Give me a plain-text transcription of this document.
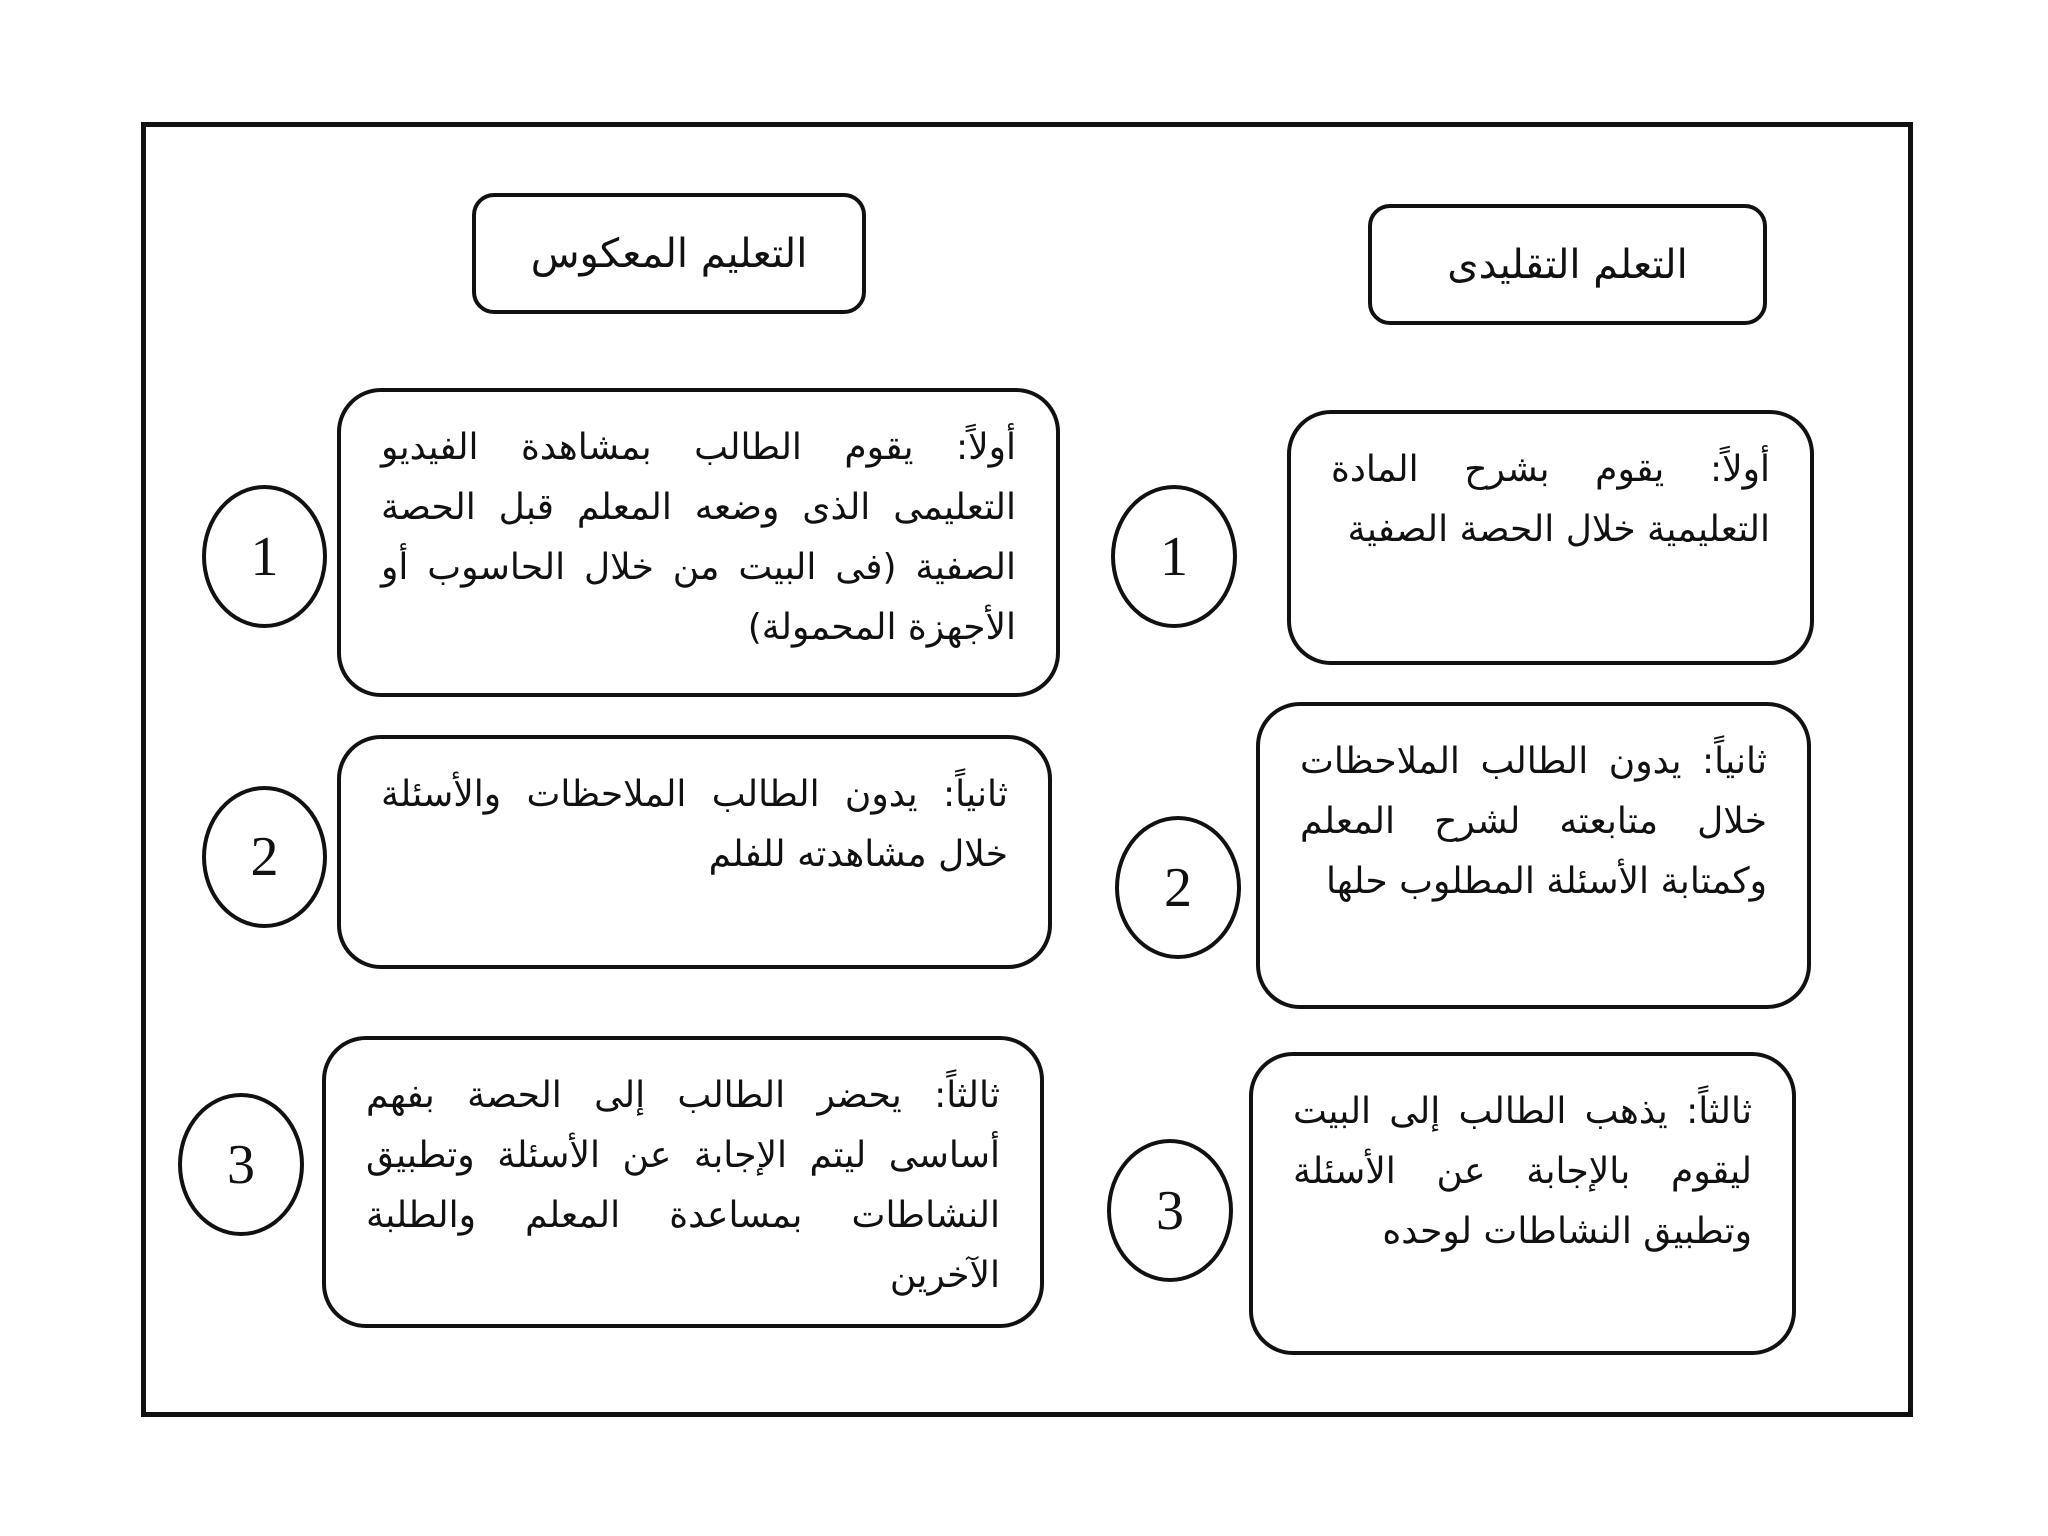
التعليم المعكوس	التعلم التقليدى
1
أولاً: يقوم الطالب بمشاهدة الفيديو التعليمى الذى وضعه المعلم قبل الحصة الصفية (فى البيت من خلال الحاسوب أو الأجهزة المحمولة)
2
ثانياً: يدون الطالب الملاحظات والأسئلة خلال مشاهدته للفلم
3
ثالثاً: يحضر الطالب إلى الحصة بفهم أساسى ليتم الإجابة عن الأسئلة وتطبيق النشاطات بمساعدة المعلم والطلبة الآخرين
1
أولاً: يقوم بشرح المادة التعليمية خلال الحصة الصفية
2
ثانياً: يدون الطالب الملاحظات خلال متابعته لشرح المعلم وكمتابة الأسئلة المطلوب حلها
3
ثالثاً: يذهب الطالب إلى البيت ليقوم بالإجابة عن الأسئلة وتطبيق النشاطات لوحده
